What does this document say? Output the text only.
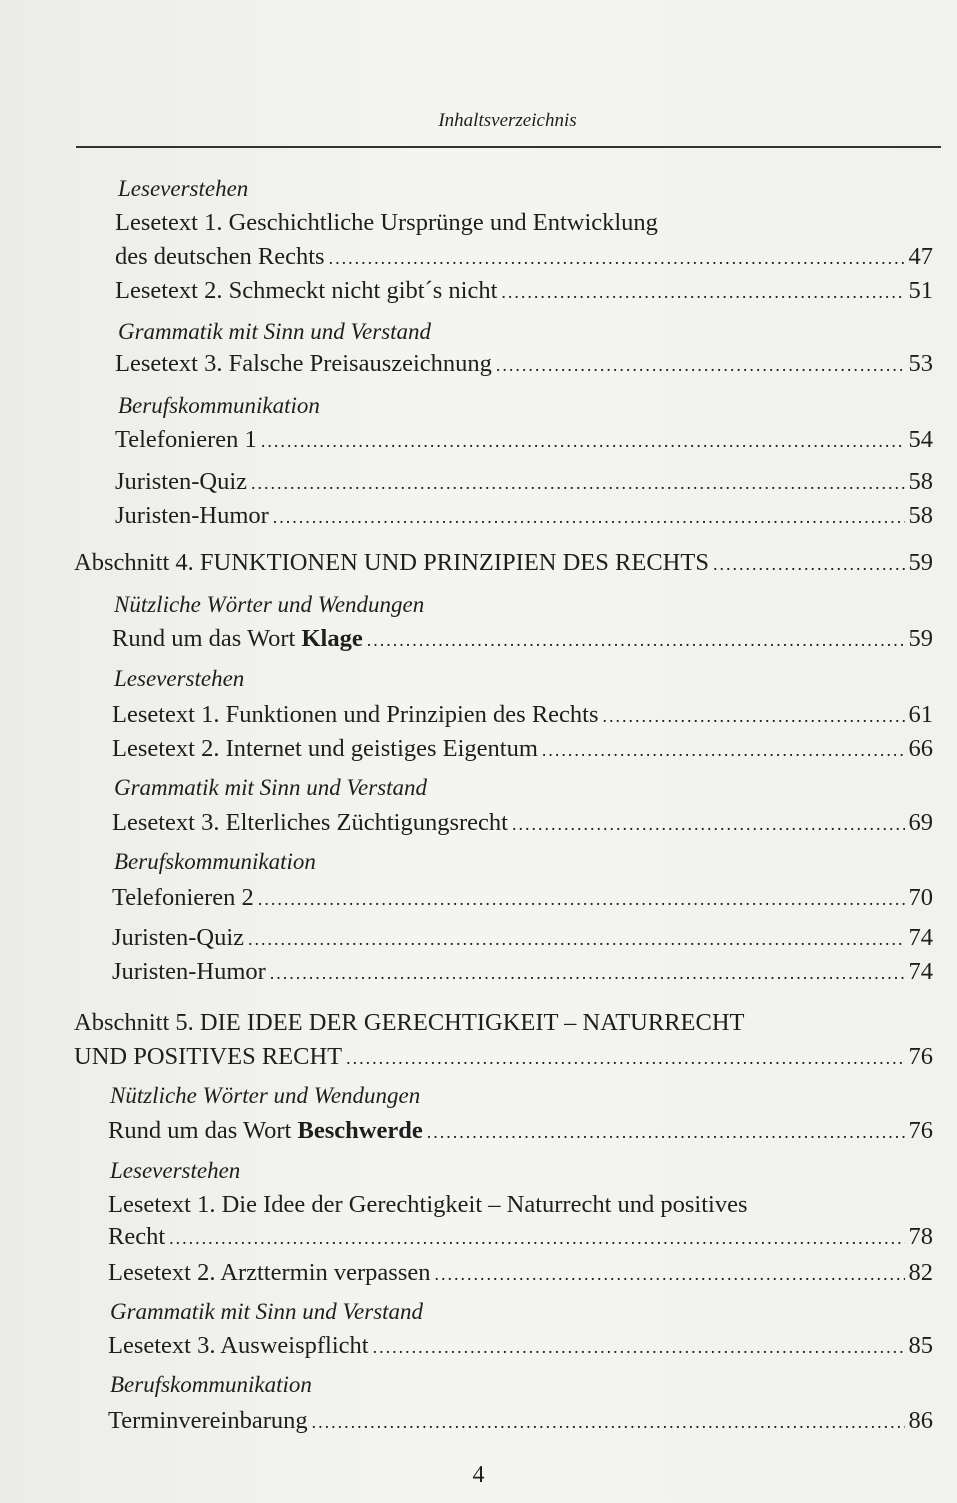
Inhaltsverzeichnis
Leseverstehen
Lesetext 1. Geschichtliche Ursprünge und Entwicklung
des deutschen Rechts .....	47
Lesetext 2. Schmeckt nicht gibt´s nicht .....	51
Grammatik mit Sinn und Verstand
Lesetext 3. Falsche Preisauszeichnung .....	53
Berufskommunikation
Telefonieren 1 .....	54
Juristen-Quiz .....	58
Juristen-Humor .....	58
Abschnitt 4. FUNKTIONEN UND PRINZIPIEN DES RECHTS .....	59
Nützliche Wörter und Wendungen
Rund um das Wort Klage .....	59
Leseverstehen
Lesetext 1. Funktionen und Prinzipien des Rechts .....	61
Lesetext 2. Internet und geistiges Eigentum .....	66
Grammatik mit Sinn und Verstand
Lesetext 3. Elterliches Züchtigungsrecht .....	69
Berufskommunikation
Telefonieren 2 .....	70
Juristen-Quiz .....	74
Juristen-Humor .....	74
Abschnitt 5. DIE IDEE DER GERECHTIGKEIT – NATURRECHT
UND POSITIVES RECHT .....	76
Nützliche Wörter und Wendungen
Rund um das Wort Beschwerde .....	76
Leseverstehen
Lesetext 1. Die Idee der Gerechtigkeit – Naturrecht und positives
Recht .....	78
Lesetext 2. Arzttermin verpassen .....	82
Grammatik mit Sinn und Verstand
Lesetext 3. Ausweispflicht .....	85
Berufskommunikation
Terminvereinbarung .....	86
4
